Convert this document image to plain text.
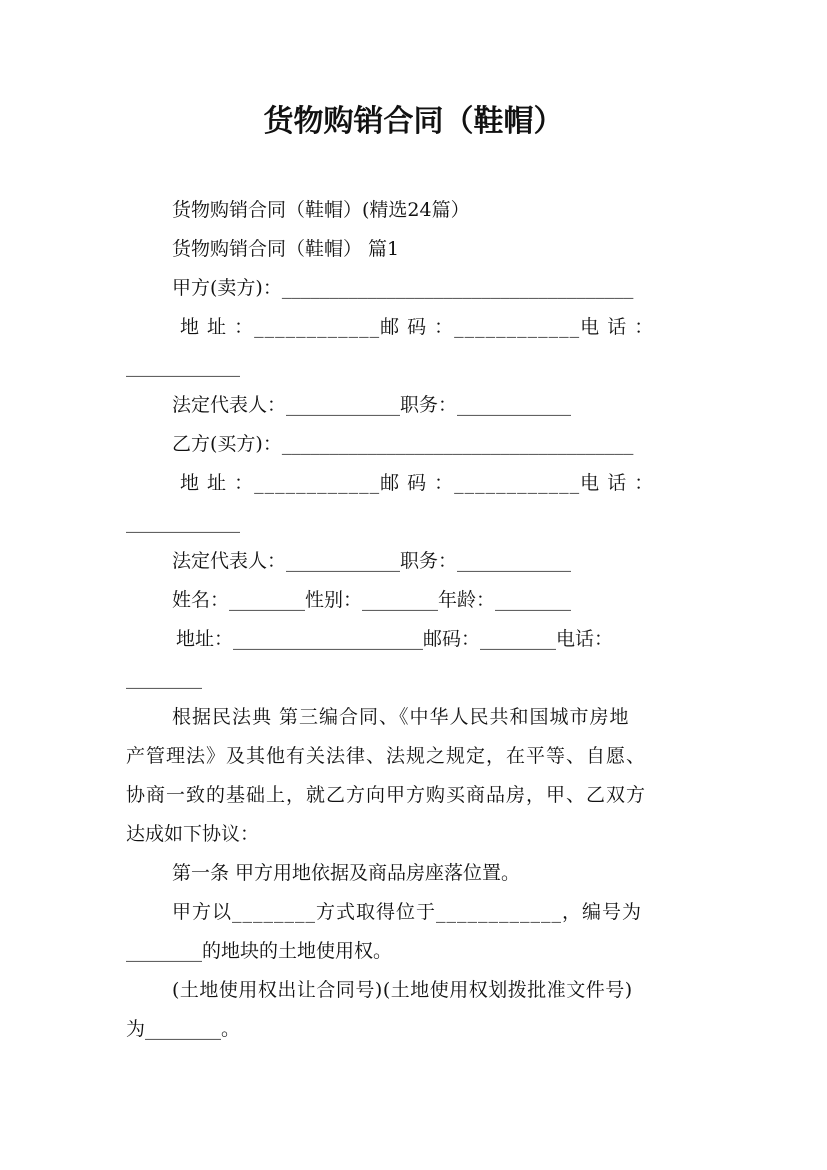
货物购销合同（鞋帽）
货物购销合同（鞋帽）(精选24篇）
货物购销合同（鞋帽） 篇1
甲方(卖方)：_____________________________________
地 址 ：____________邮 码 ：____________电 话 ：
____________
法定代表人：____________职务：____________
乙方(买方)：_____________________________________
地 址 ：____________邮 码 ：____________电 话 ：
____________
法定代表人：____________职务：____________
姓名：________性别：________年龄：________
地址：____________________邮码：________电话：
________
根据民法典 第三编合同、《中华人民共和国城市房地
产管理法》及其他有关法律、法规之规定，在平等、自愿、
协商一致的基础上，就乙方向甲方购买商品房，甲、乙双方
达成如下协议：
第一条 甲方用地依据及商品房座落位置。
甲方以________方式取得位于____________，编号为
________的地块的土地使用权。
(土地使用权出让合同号)(土地使用权划拨批准文件号)
为________。
